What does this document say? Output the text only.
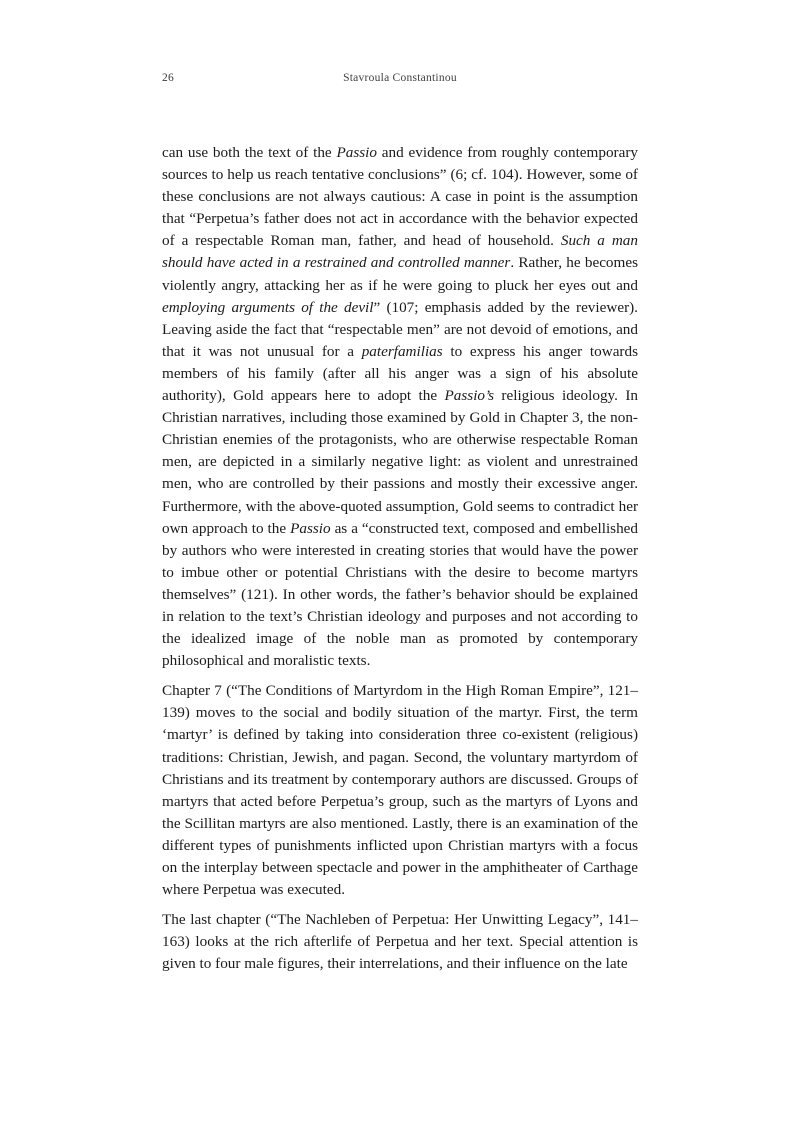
26	Stavroula Constantinou

can use both the text of the Passio and evidence from roughly contemporary sources to help us reach tentative conclusions” (6; cf. 104). However, some of these conclusions are not always cautious: A case in point is the assumption that “Perpetua’s father does not act in accordance with the behavior expected of a respectable Roman man, father, and head of household. Such a man should have acted in a restrained and controlled manner. Rather, he becomes violently angry, attacking her as if he were going to pluck her eyes out and employing arguments of the devil” (107; emphasis added by the reviewer). Leaving aside the fact that “respectable men” are not devoid of emotions, and that it was not unusual for a paterfamilias to express his anger towards members of his family (after all his anger was a sign of his absolute authority), Gold appears here to adopt the Passio’s religious ideology. In Christian narratives, including those examined by Gold in Chapter 3, the non-Christian enemies of the protagonists, who are otherwise respectable Roman men, are depicted in a similarly negative light: as violent and unrestrained men, who are controlled by their passions and mostly their excessive anger. Furthermore, with the above-quoted assumption, Gold seems to contradict her own approach to the Passio as a “constructed text, composed and embellished by authors who were interested in creating stories that would have the power to imbue other or potential Christians with the desire to become martyrs themselves” (121). In other words, the father’s behavior should be explained in relation to the text’s Christian ideology and purposes and not according to the idealized image of the noble man as promoted by contemporary philosophical and moralistic texts.

Chapter 7 (“The Conditions of Martyrdom in the High Roman Empire”, 121–139) moves to the social and bodily situation of the martyr. First, the term ‘martyr’ is defined by taking into consideration three co-existent (religious) traditions: Christian, Jewish, and pagan. Second, the voluntary martyrdom of Christians and its treatment by contemporary authors are discussed. Groups of martyrs that acted before Perpetua’s group, such as the martyrs of Lyons and the Scillitan martyrs are also mentioned. Lastly, there is an examination of the different types of punishments inflicted upon Christian martyrs with a focus on the interplay between spectacle and power in the amphitheater of Carthage where Perpetua was executed.

The last chapter (“The Nachleben of Perpetua: Her Unwitting Legacy”, 141–163) looks at the rich afterlife of Perpetua and her text. Special attention is given to four male figures, their interrelations, and their influence on the late
